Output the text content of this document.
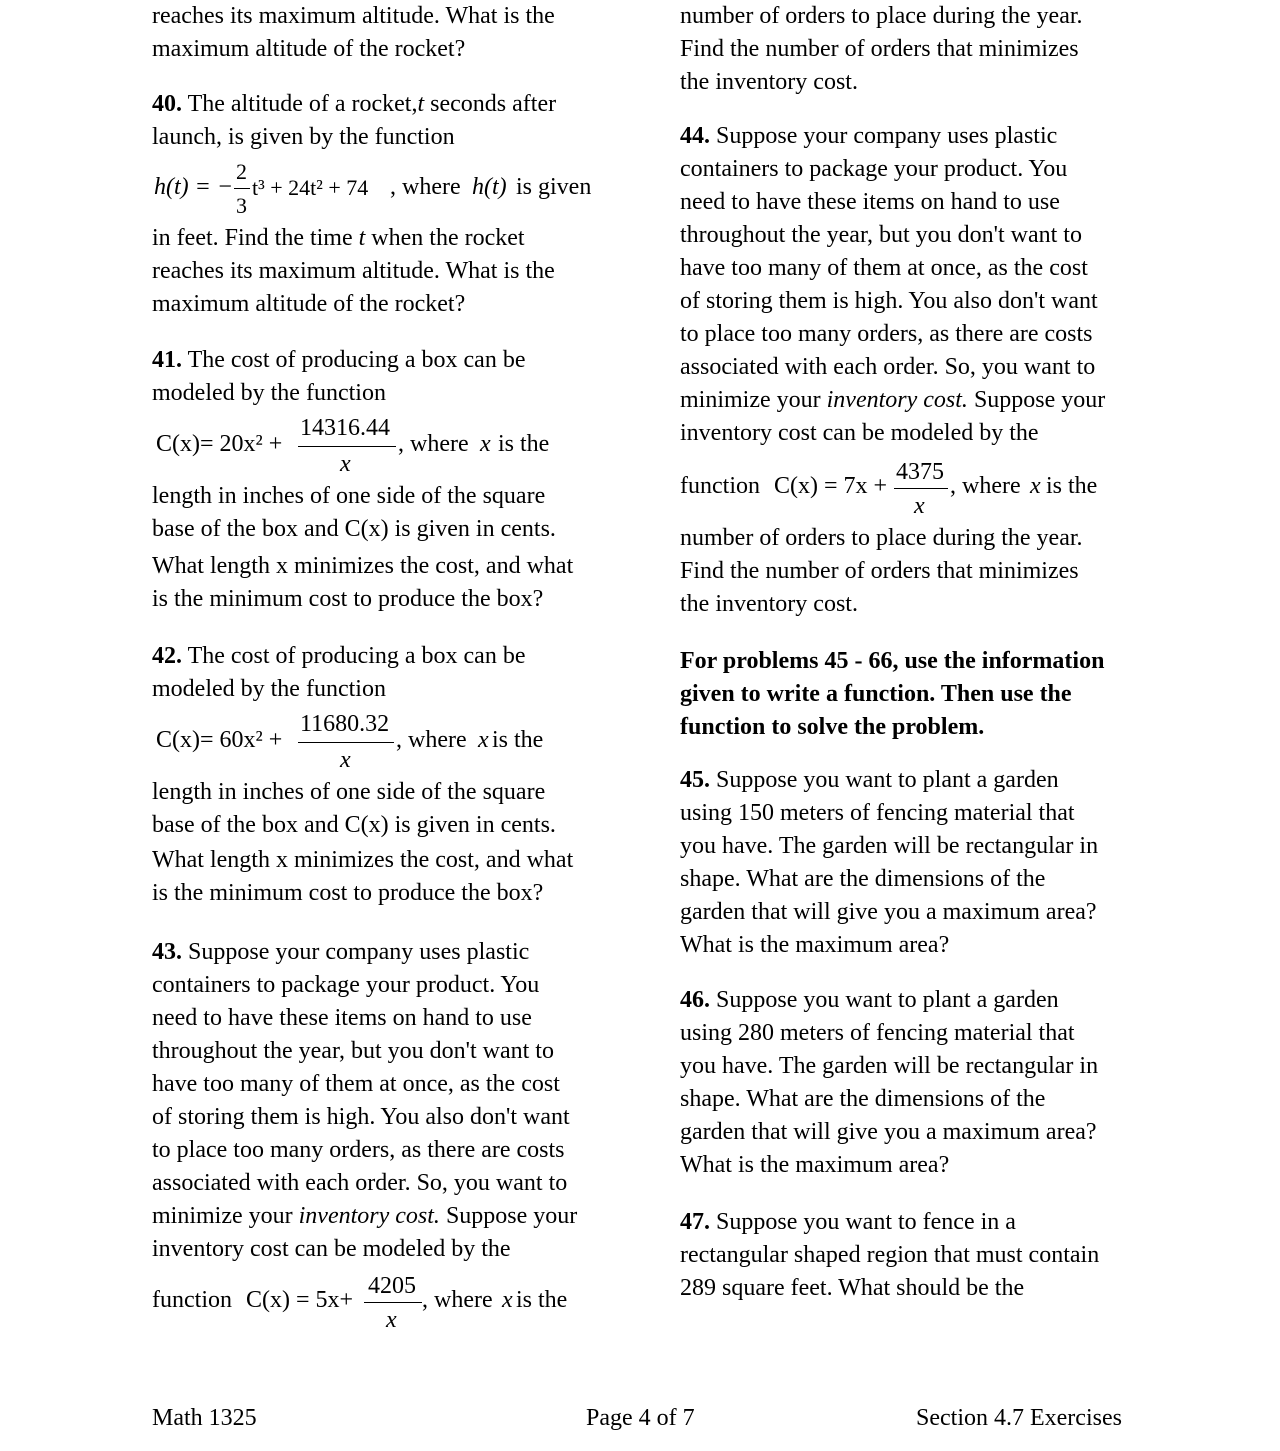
reaches its maximum altitude. What is the
maximum altitude of the rocket?
40. The altitude of a rocket,t seconds after
launch, is given by the function
h(t) = −
2
3
t³ + 24t² + 74 , where h(t) is given
in feet. Find the time t when the rocket
reaches its maximum altitude. What is the
maximum altitude of the rocket?
41. The cost of producing a box can be
modeled by the function
C(x)= 20x² +
14316.44
x
, where x is the
length in inches of one side of the square
base of the box and C(x) is given in cents.
What length x minimizes the cost, and what
is the minimum cost to produce the box?
42. The cost of producing a box can be
modeled by the function
C(x)= 60x² +
11680.32
x
, where x is the
length in inches of one side of the square
base of the box and C(x) is given in cents.
What length x minimizes the cost, and what
is the minimum cost to produce the box?
43. Suppose your company uses plastic
containers to package your product. You
need to have these items on hand to use
throughout the year, but you don't want to
have too many of them at once, as the cost
of storing them is high. You also don't want
to place too many orders, as there are costs
associated with each order. So, you want to
minimize your inventory cost. Suppose your
inventory cost can be modeled by the
function C(x) = 5x+
4205
x
, where x is the
number of orders to place during the year.
Find the number of orders that minimizes
the inventory cost.
44. Suppose your company uses plastic
containers to package your product. You
need to have these items on hand to use
throughout the year, but you don't want to
have too many of them at once, as the cost
of storing them is high. You also don't want
to place too many orders, as there are costs
associated with each order. So, you want to
minimize your inventory cost. Suppose your
inventory cost can be modeled by the
function C(x) = 7x +
4375
x
, where x is the
number of orders to place during the year.
Find the number of orders that minimizes
the inventory cost.
For problems 45 - 66, use the information
given to write a function. Then use the
function to solve the problem.
45. Suppose you want to plant a garden
using 150 meters of fencing material that
you have. The garden will be rectangular in
shape. What are the dimensions of the
garden that will give you a maximum area?
What is the maximum area?
46. Suppose you want to plant a garden
using 280 meters of fencing material that
you have. The garden will be rectangular in
shape. What are the dimensions of the
garden that will give you a maximum area?
What is the maximum area?
47. Suppose you want to fence in a
rectangular shaped region that must contain
289 square feet. What should be the
Math 1325	Page 4 of 7	Section 4.7 Exercises
